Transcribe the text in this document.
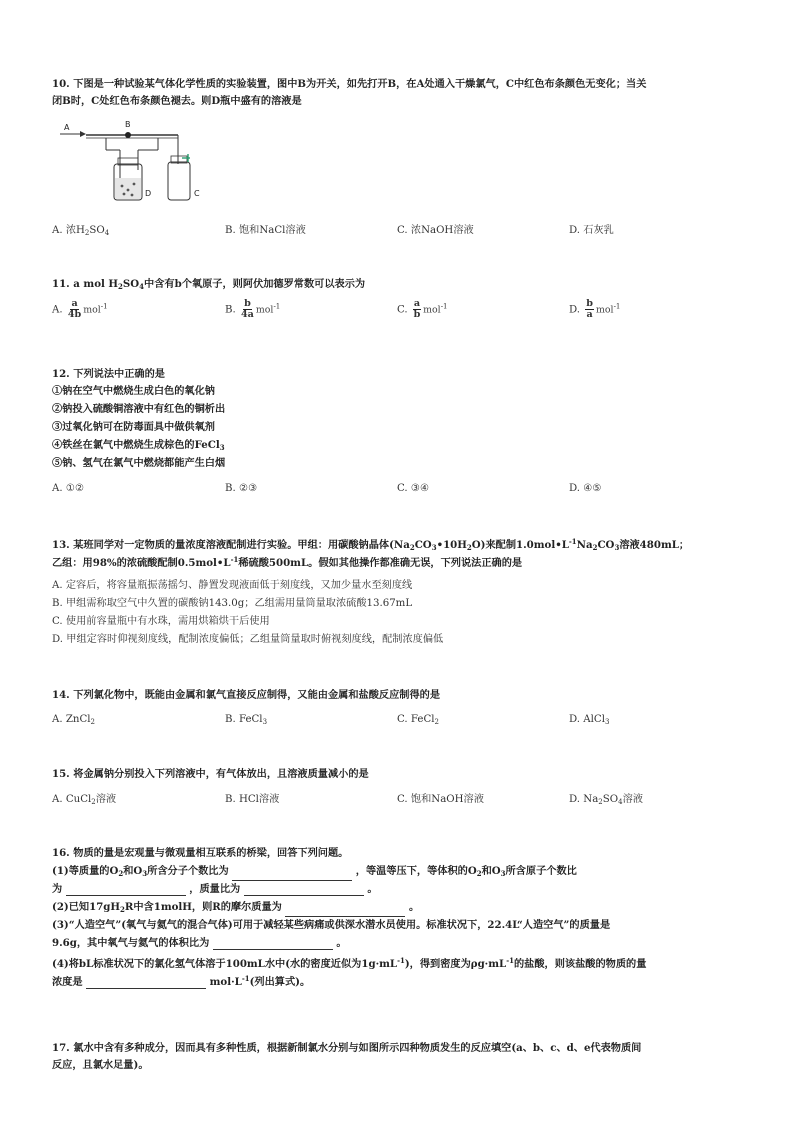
10. 下图是一种试验某气体化学性质的实验装置，图中B为开关，如先打开B，在A处通入干燥氯气，C中红色布条颜色无变化；当关
闭B时，C处红色布条颜色褪去。则D瓶中盛有的溶液是
A	B
D	C
A. 浓$H_2SO_4$	B. 饱和NaCl溶液	C. 浓NaOH溶液	D. 石灰乳
11. a mol $H_2SO_4$中含有b个氧原子，则阿伏加德罗常数可以表示为
A. $\frac{a}{4b} mol^{-1}$	B. $\frac{b}{4a} mol^{-1}$	C. $\frac{a}{b} mol^{-1}$	D. $\frac{b}{a} mol^{-1}$
12. 下列说法中正确的是
①钠在空气中燃烧生成白色的氧化钠
②钠投入硫酸铜溶液中有红色的铜析出
③过氧化钠可在防毒面具中做供氧剂
④铁丝在氯气中燃烧生成棕色的FeCl$_3$
⑤钠、氢气在氯气中燃烧都能产生白烟
A. ①②	B. ②③	C. ③④	D. ④⑤
13. 某班同学对一定物质的量浓度溶液配制进行实验。甲组：用碳酸钠晶体$(Na_2CO_3•10H_2O)$来配制$1.0mol•L^{-1}Na_2CO_3$溶液480mL；
乙组：用98%的浓硫酸配制$0.5mol•L^{-1}$稀硫酸500mL。假如其他操作都准确无误，下列说法正确的是
A. 定容后，将容量瓶振荡摇匀、静置发现液面低于刻度线，又加少量水至刻度线
B. 甲组需称取空气中久置的碳酸钠143.0g；乙组需用量筒量取浓硫酸13.67mL
C. 使用前容量瓶中有水珠，需用烘箱烘干后使用
D. 甲组定容时仰视刻度线，配制浓度偏低；乙组量筒量取时俯视刻度线，配制浓度偏低
14. 下列氯化物中，既能由金属和氯气直接反应制得，又能由金属和盐酸反应制得的是
A. ZnCl$_2$	B. FeCl$_3$	C. FeCl$_2$	D. AlCl$_3$
15. 将金属钠分别投入下列溶液中，有气体放出，且溶液质量减小的是
A. CuCl$_2$溶液	B. HCl溶液	C. 饱和NaOH溶液	D. $Na_2SO_4$溶液
16. 物质的量是宏观量与微观量相互联系的桥梁，回答下列问题。
(1)等质量的$O_2$和$O_3$所含分子个数比为	，等温等压下，等体积的$O_2$和$O_3$所含原子个数比
为	，质量比为	。
(2)已知$17gH_2R$中含1molH，则R的摩尔质量为	。
(3)“人造空气”(氧气与氦气的混合气体)可用于减轻某些病痛或供深水潜水员使用。标准状况下，22.4L“人造空气”的质量是
9.6g，其中氧气与氦气的体积比为	。
(4)将bL标准状况下的氯化氢气体溶于100mL水中(水的密度近似为$1g\cdot mL^{-1}$)，得到密度为$\rho g\cdot mL^{-1}$的盐酸，则该盐酸的物质的量
浓度是	$mol\cdot L^{-1}$(列出算式)。
17. 氯水中含有多种成分，因而具有多种性质，根据新制氯水分别与如图所示四种物质发生的反应填空(a、b、c、d、e代表物质间
反应，且氯水足量)。
